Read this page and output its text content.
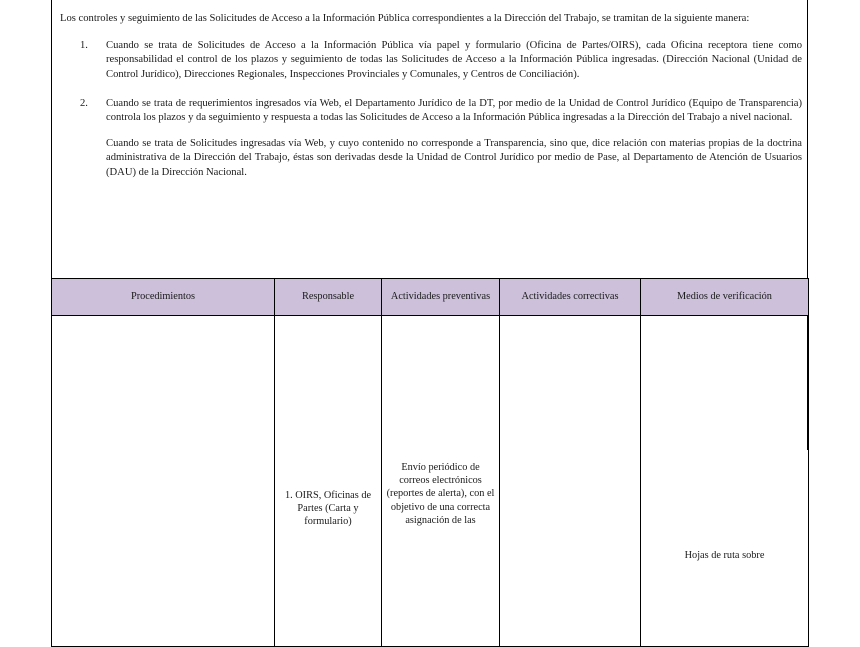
Los controles y seguimiento de las Solicitudes de Acceso a la Información Pública correspondientes a la Dirección del Trabajo, se tramitan de la siguiente manera:

1. Cuando se trata de Solicitudes de Acceso a la Información Pública vía papel y formulario (Oficina de Partes/OIRS), cada Oficina receptora tiene como responsabilidad el control de los plazos y seguimiento de todas las Solicitudes de Acceso a la Información Pública ingresadas. (Dirección Nacional (Unidad de Control Jurídico), Direcciones Regionales, Inspecciones Provinciales y Comunales, y Centros de Conciliación).

2. Cuando se trata de requerimientos ingresados vía Web, el Departamento Jurídico de la DT, por medio de la Unidad de Control Jurídico (Equipo de Transparencia) controla los plazos y da seguimiento y respuesta a todas las Solicitudes de Acceso a la Información Pública ingresadas a la Dirección del Trabajo a nivel nacional.

Cuando se trata de Solicitudes ingresadas vía Web, y cuyo contenido no corresponde a Transparencia, sino que, dice relación con materias propias de la doctrina administrativa de la Dirección del Trabajo, éstas son derivadas desde la Unidad de Control Jurídico por medio de Pase, al Departamento de Atención de Usuarios (DAU) de la Dirección Nacional.

Procedimientos	Responsable	Actividades preventivas	Actividades correctivas	Medios de verificación

	1. OIRS, Oficinas de Partes (Carta y formulario)	Envío periódico de correos electrónicos (reportes de alerta), con el objetivo de una correcta asignación de las		Hojas de ruta sobre
